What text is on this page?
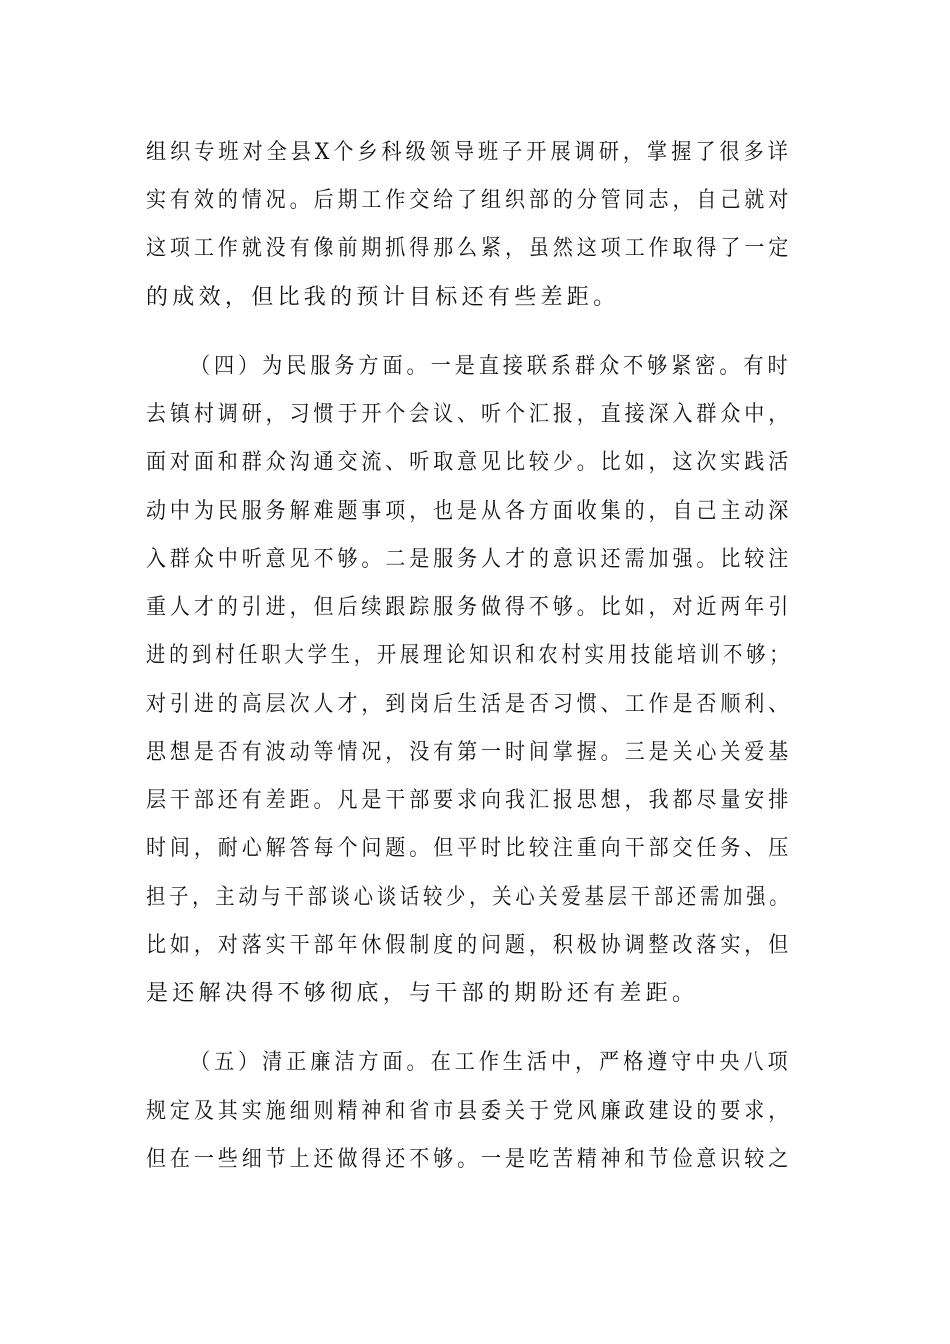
组织专班对全县X个乡科级领导班子开展调研，掌握了很多详
实有效的情况。后期工作交给了组织部的分管同志，自己就对
这项工作就没有像前期抓得那么紧，虽然这项工作取得了一定
的成效，但比我的预计目标还有些差距。
（四）为民服务方面。一是直接联系群众不够紧密。有时
去镇村调研，习惯于开个会议、听个汇报，直接深入群众中，
面对面和群众沟通交流、听取意见比较少。比如，这次实践活
动中为民服务解难题事项，也是从各方面收集的，自己主动深
入群众中听意见不够。二是服务人才的意识还需加强。比较注
重人才的引进，但后续跟踪服务做得不够。比如，对近两年引
进的到村任职大学生，开展理论知识和农村实用技能培训不够；
对引进的高层次人才，到岗后生活是否习惯、工作是否顺利、
思想是否有波动等情况，没有第一时间掌握。三是关心关爱基
层干部还有差距。凡是干部要求向我汇报思想，我都尽量安排
时间，耐心解答每个问题。但平时比较注重向干部交任务、压
担子，主动与干部谈心谈话较少，关心关爱基层干部还需加强。
比如，对落实干部年休假制度的问题，积极协调整改落实，但
是还解决得不够彻底，与干部的期盼还有差距。
（五）清正廉洁方面。在工作生活中，严格遵守中央八项
规定及其实施细则精神和省市县委关于党风廉政建设的要求，
但在一些细节上还做得还不够。一是吃苦精神和节俭意识较之
